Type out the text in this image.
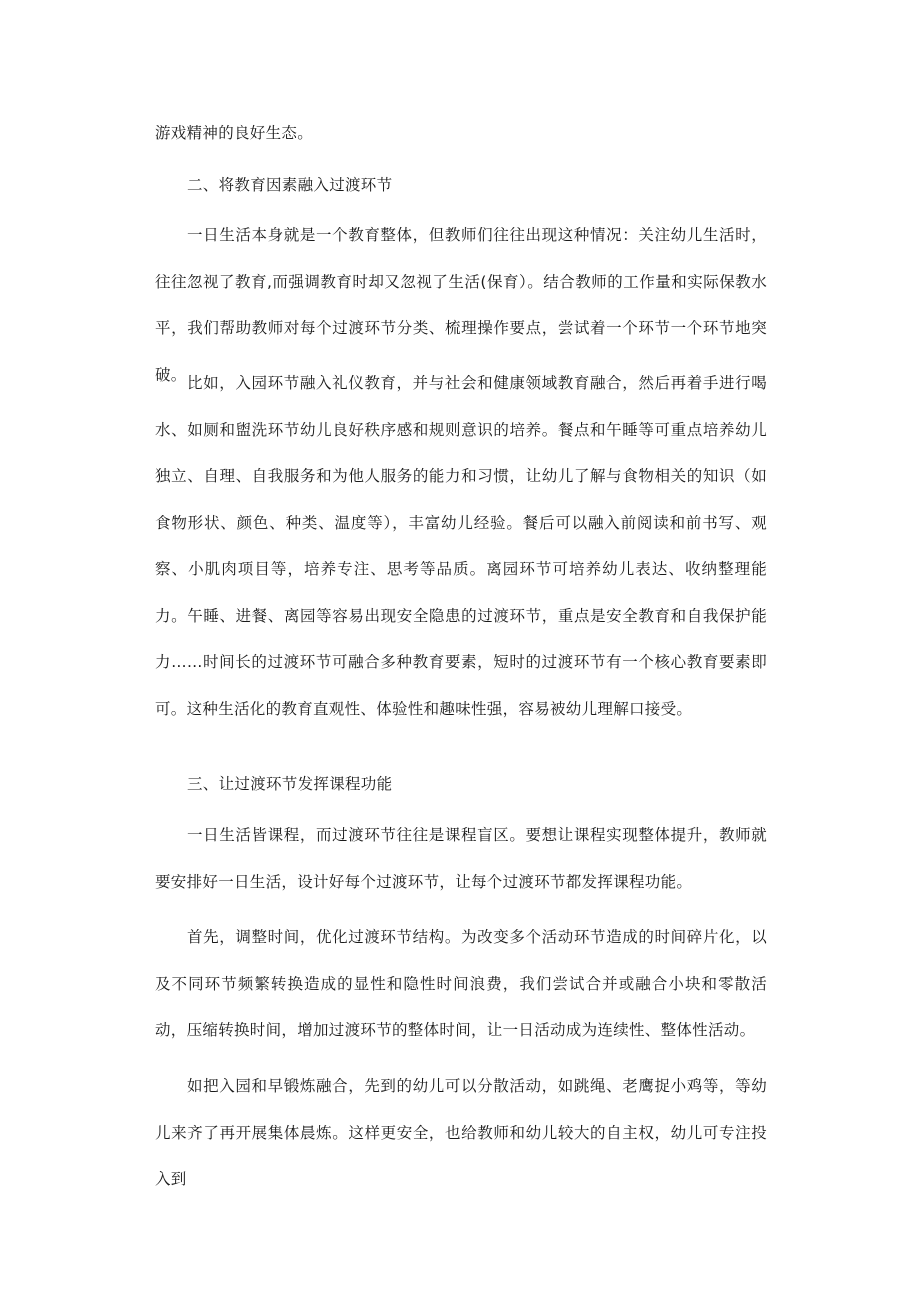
游戏精神的良好生态。
二、将教育因素融入过渡环节
一日生活本身就是一个教育整体，但教师们往往出现这种情况：关注幼儿生活时，往往忽视了教育,而强调教育时却又忽视了生活(保育）。结合教师的工作量和实际保教水平，我们帮助教师对每个过渡环节分类、梳理操作要点，尝试着一个环节一个环节地突破。 比如，入园环节融入礼仪教育，并与社会和健康领域教育融合，然后再着手进行喝水、如厕和盥洗环节幼儿良好秩序感和规则意识的培养。餐点和午睡等可重点培养幼儿独立、自理、自我服务和为他人服务的能力和习惯，让幼儿了解与食物相关的知识（如食物形状、颜色、种类、温度等），丰富幼儿经验。餐后可以融入前阅读和前书写、观察、小肌肉项目等，培养专注、思考等品质。离园环节可培养幼儿表达、收纳整理能力。午睡、进餐、离园等容易出现安全隐患的过渡环节，重点是安全教育和自我保护能力……时间长的过渡环节可融合多种教育要素，短时的过渡环节有一个核心教育要素即可。这种生活化的教育直观性、体验性和趣味性强，容易被幼儿理解口接受。
三、让过渡环节发挥课程功能
一日生活皆课程，而过渡环节往往是课程盲区。要想让课程实现整体提升，教师就要安排好一日生活，设计好每个过渡环节，让每个过渡环节都发挥课程功能。
首先，调整时间，优化过渡环节结构。为改变多个活动环节造成的时间碎片化，以及不同环节频繁转换造成的显性和隐性时间浪费，我们尝试合并或融合小块和零散活动，压缩转换时间，增加过渡环节的整体时间，让一日活动成为连续性、整体性活动。
如把入园和早锻炼融合，先到的幼儿可以分散活动，如跳绳、老鹰捉小鸡等，等幼儿来齐了再开展集体晨炼。这样更安全，也给教师和幼儿较大的自主权，幼儿可专注投入到
